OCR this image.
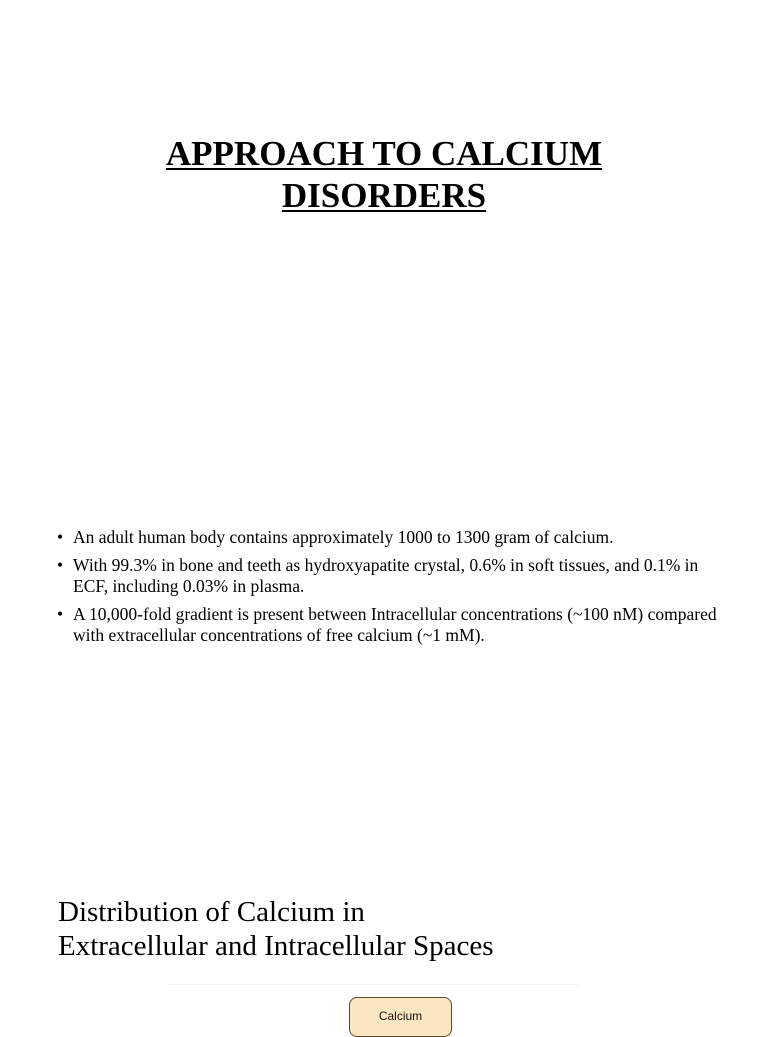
APPROACH TO CALCIUM
DISORDERS
• An adult human body contains approximately 1000 to 1300 gram of calcium.
• With 99.3% in bone and teeth as hydroxyapatite crystal, 0.6% in soft tissues, and 0.1% in ECF, including 0.03% in plasma.
• A 10,000-fold gradient is present between Intracellular concentrations (~100 nM) compared with extracellular concentrations of free calcium (~1 mM).
Distribution of Calcium in
Extracellular and Intracellular Spaces
Calcium
